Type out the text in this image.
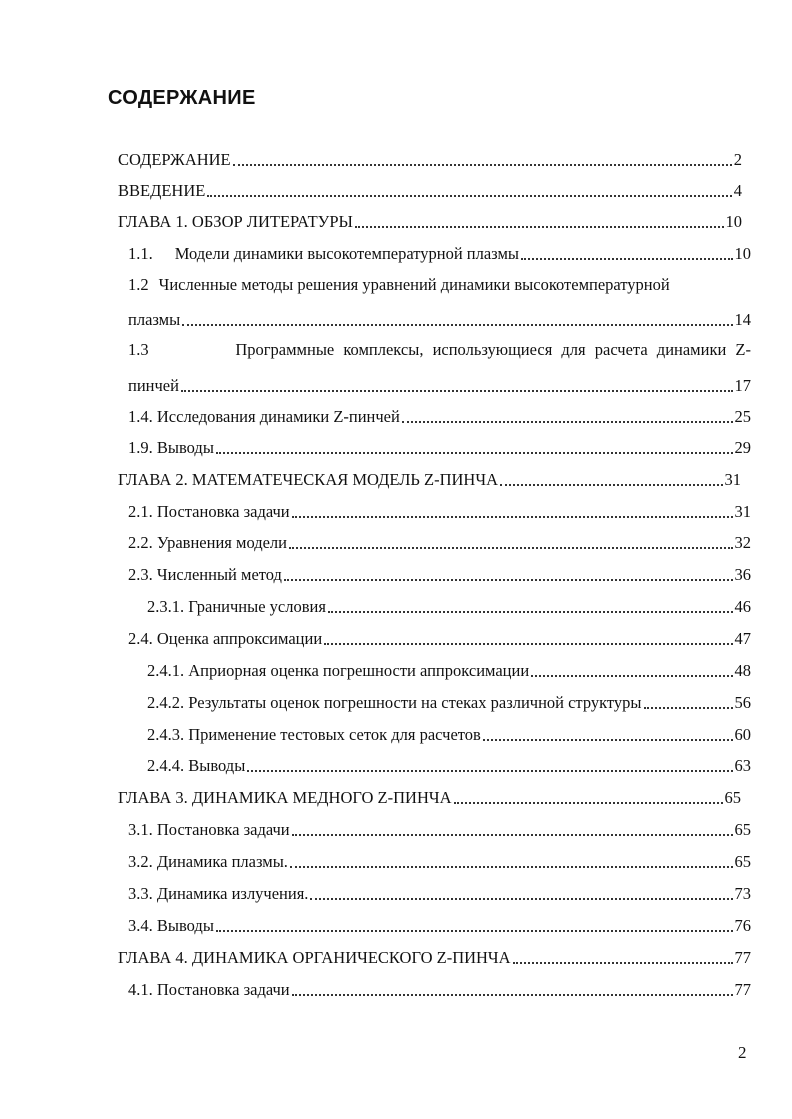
СОДЕРЖАНИЕ
СОДЕРЖАНИЕ	2
ВВЕДЕНИЕ	4
ГЛАВА 1. ОБЗОР ЛИТЕРАТУРЫ	10
1.1. Модели динамики высокотемпературной плазмы	10
1.2 Численные методы решения уравнений динамики высокотемпературной
плазмы	14
1.3	Программные комплексы, использующиеся для расчета динамики Z-
пинчей	17
1.4. Исследования динамики Z-пинчей	25
1.9. Выводы	29
ГЛАВА 2. МАТЕМАТЕЧЕСКАЯ МОДЕЛЬ Z-ПИНЧА	31
2.1. Постановка задачи	31
2.2. Уравнения модели	32
2.3. Численный метод	36
2.3.1. Граничные условия	46
2.4. Оценка аппроксимации	47
2.4.1. Априорная оценка погрешности аппроксимации	48
2.4.2. Результаты оценок погрешности на стеках различной структуры	56
2.4.3. Применение тестовых сеток для расчетов	60
2.4.4. Выводы	63
ГЛАВА 3. ДИНАМИКА МЕДНОГО Z-ПИНЧА	65
3.1. Постановка задачи	65
3.2. Динамика плазмы.	65
3.3. Динамика излучения.	73
3.4. Выводы	76
ГЛАВА 4. ДИНАМИКА ОРГАНИЧЕСКОГО Z-ПИНЧА	77
4.1. Постановка задачи	77

2
